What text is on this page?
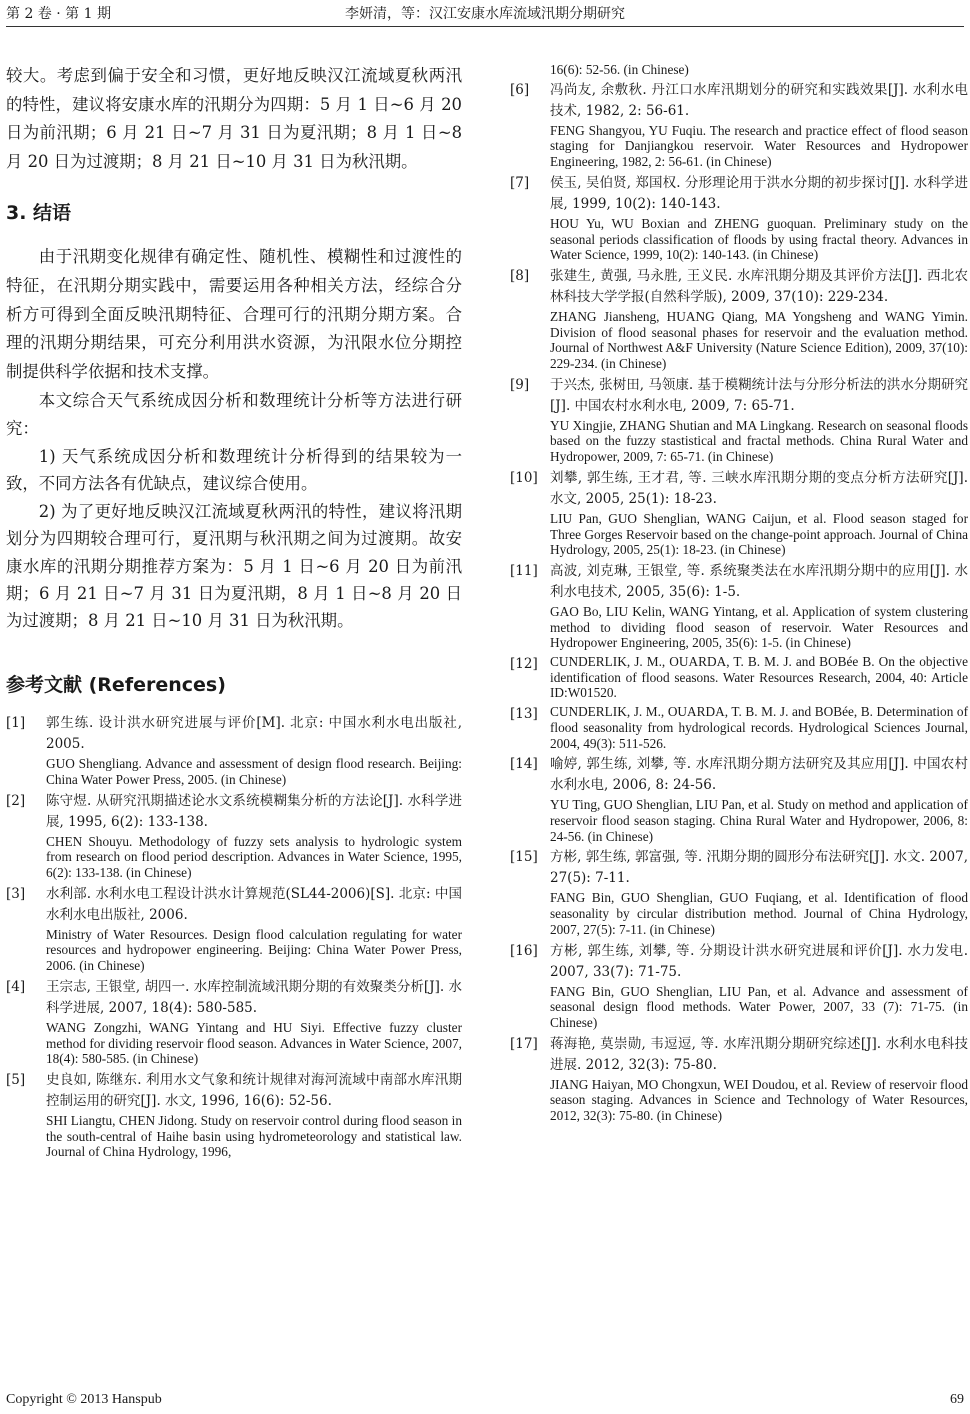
第 2 卷 · 第 1 期	李妍清，等：汉江安康水库流域汛期分期研究

较大。考虑到偏于安全和习惯，更好地反映汉江流域夏秋两汛的特性，建议将安康水库的汛期分为四期：5 月 1 日~6 月 20 日为前汛期；6 月 21 日~7 月 31 日为夏汛期；8 月 1 日~8 月 20 日为过渡期；8 月 21 日~10 月 31 日为秋汛期。

3. 结语

由于汛期变化规律有确定性、随机性、模糊性和过渡性的特征，在汛期分期实践中，需要运用各种相关方法，经综合分析方可得到全面反映汛期特征、合理可行的汛期分期方案。合理的汛期分期结果，可充分利用洪水资源，为汛限水位分期控制提供科学依据和技术支撑。

本文综合天气系统成因分析和数理统计分析等方法进行研究：

1) 天气系统成因分析和数理统计分析得到的结果较为一致，不同方法各有优缺点，建议综合使用。

2) 为了更好地反映汉江流域夏秋两汛的特性，建议将汛期划分为四期较合理可行，夏汛期与秋汛期之间为过渡期。故安康水库的汛期分期推荐方案为：5 月 1 日~6 月 20 日为前汛期；6 月 21 日~7 月 31 日为夏汛期，8 月 1 日~8 月 20 日为过渡期；8 月 21 日~10 月 31 日为秋汛期。

参考文献 (References)
[1] 郭生练. 设计洪水研究进展与评价[M]. 北京: 中国水利水电出版社, 2005.
GUO Shengliang. Advance and assessment of design flood research. Beijing: China Water Power Press, 2005. (in Chinese)
[2] 陈守煜. 从研究汛期描述论水文系统模糊集分析的方法论[J]. 水科学进展, 1995, 6(2): 133-138.
CHEN Shouyu. Methodology of fuzzy sets analysis to hydrologic system from research on flood period description. Advances in Water Science, 1995, 6(2): 133-138. (in Chinese)
[3] 水利部. 水利水电工程设计洪水计算规范(SL44-2006)[S]. 北京: 中国水利水电出版社, 2006.
Ministry of Water Resources. Design flood calculation regulating for water resources and hydropower engineering. Beijing: China Water Power Press, 2006. (in Chinese)
[4] 王宗志, 王银堂, 胡四一. 水库控制流域汛期分期的有效聚类分析[J]. 水科学进展, 2007, 18(4): 580-585.
WANG Zongzhi, WANG Yintang and HU Siyi. Effective fuzzy cluster method for dividing reservoir flood season. Advances in Water Science, 2007, 18(4): 580-585. (in Chinese)
[5] 史良如, 陈继东. 利用水文气象和统计规律对海河流域中南部水库汛期控制运用的研究[J]. 水文, 1996, 16(6): 52-56.
SHI Liangtu, CHEN Jidong. Study on reservoir control during flood season in the south-central of Haihe basin using hydrometeorology and statistical law. Journal of China Hydrology, 1996,
16(6): 52-56. (in Chinese)
[6] 冯尚友, 余敷秋. 丹江口水库汛期划分的研究和实践效果[J]. 水利水电技术, 1982, 2: 56-61.
FENG Shangyou, YU Fuqiu. The research and practice effect of flood season staging for Danjiangkou reservoir. Water Resources and Hydropower Engineering, 1982, 2: 56-61. (in Chinese)
[7] 侯玉, 吴伯贤, 郑国权. 分形理论用于洪水分期的初步探讨[J]. 水科学进展, 1999, 10(2): 140-143.
HOU Yu, WU Boxian and ZHENG guoquan. Preliminary study on the seasonal periods classification of floods by using fractal theory. Advances in Water Science, 1999, 10(2): 140-143. (in Chinese)
[8] 张建生, 黄强, 马永胜, 王义民. 水库汛期分期及其评价方法[J]. 西北农林科技大学学报(自然科学版), 2009, 37(10): 229-234.
ZHANG Jiansheng, HUANG Qiang, MA Yongsheng and WANG Yimin. Division of flood seasonal phases for reservoir and the evaluation method. Journal of Northwest A&F University (Nature Science Edition), 2009, 37(10): 229-234. (in Chinese)
[9] 于兴杰, 张树田, 马领康. 基于模糊统计法与分形分析法的洪水分期研究[J]. 中国农村水利水电, 2009, 7: 65-71.
YU Xingjie, ZHANG Shutian and MA Lingkang. Research on seasonal floods based on the fuzzy stastistical and fractal methods. China Rural Water and Hydropower, 2009, 7: 65-71. (in Chinese)
[10] 刘攀, 郭生练, 王才君, 等. 三峡水库汛期分期的变点分析方法研究[J]. 水文, 2005, 25(1): 18-23.
LIU Pan, GUO Shenglian, WANG Caijun, et al. Flood season staged for Three Gorges Reservoir based on the change-point approach. Journal of China Hydrology, 2005, 25(1): 18-23. (in Chinese)
[11] 高波, 刘克琳, 王银堂, 等. 系统聚类法在水库汛期分期中的应用[J]. 水利水电技术, 2005, 35(6): 1-5.
GAO Bo, LIU Kelin, WANG Yintang, et al. Application of system clustering method to dividing flood season of reservoir. Water Resources and Hydropower Engineering, 2005, 35(6): 1-5. (in Chinese)
[12] CUNDERLIK, J. M., OUARDA, T. B. M. J. and BOBée B. On the objective identification of flood seasons. Water Resources Research, 2004, 40: Article ID:W01520.
[13] CUNDERLIK, J. M., OUARDA, T. B. M. J. and BOBée, B. Determination of flood seasonality from hydrological records. Hydrological Sciences Journal, 2004, 49(3): 511-526.
[14] 喻婷, 郭生练, 刘攀, 等. 水库汛期分期方法研究及其应用[J]. 中国农村水利水电, 2006, 8: 24-56.
YU Ting, GUO Shenglian, LIU Pan, et al. Study on method and application of reservoir flood season staging. China Rural Water and Hydropower, 2006, 8: 24-56. (in Chinese)
[15] 方彬, 郭生练, 郭富强, 等. 汛期分期的圆形分布法研究[J]. 水文. 2007, 27(5): 7-11.
FANG Bin, GUO Shenglian, GUO Fuqiang, et al. Identification of flood seasonality by circular distribution method. Journal of China Hydrology, 2007, 27(5): 7-11. (in Chinese)
[16] 方彬, 郭生练, 刘攀, 等. 分期设计洪水研究进展和评价[J]. 水力发电. 2007, 33(7): 71-75.
FANG Bin, GUO Shenglian, LIU Pan, et al. Advance and assessment of seasonal design flood methods. Water Power, 2007, 33 (7): 71-75. (in Chinese)
[17] 蒋海艳, 莫崇勋, 韦逗逗, 等. 水库汛期分期研究综述[J]. 水利水电科技进展. 2012, 32(3): 75-80.
JIANG Haiyan, MO Chongxun, WEI Doudou, et al. Review of reservoir flood season staging. Advances in Science and Technology of Water Resources, 2012, 32(3): 75-80. (in Chinese)
Copyright © 2013 Hanspub	69
